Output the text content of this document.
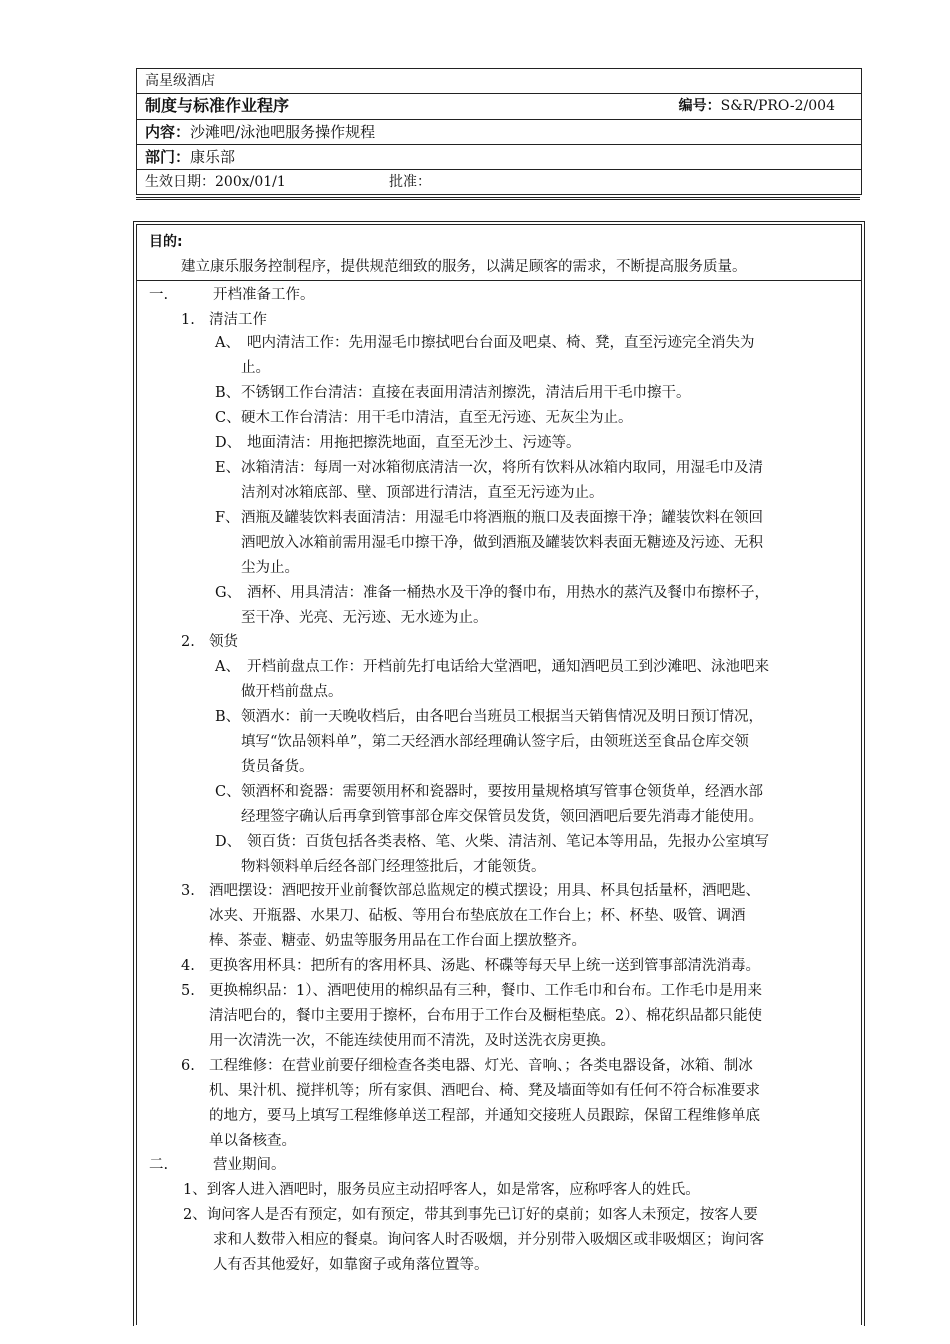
高星级酒店
制度与标准作业程序	编号：S&R/PRO-2/004
内容：沙滩吧/泳池吧服务操作规程
部门：康乐部
生效日期：200x/01/1	批准：
目的:
建立康乐服务控制程序，提供规范细致的服务，以满足顾客的需求，不断提高服务质量。
一.	开档准备工作。
1. 清洁工作
A、 吧内清洁工作：先用湿毛巾擦拭吧台台面及吧桌、椅、凳，直至污迹完全消失为
止。
B、 不锈钢工作台清洁：直接在表面用清洁剂擦洗，清洁后用干毛巾擦干。
C、 硬木工作台清洁：用干毛巾清洁，直至无污迹、无灰尘为止。
D、 地面清洁：用拖把擦洗地面，直至无沙土、污迹等。
E、 冰箱清洁：每周一对冰箱彻底清洁一次，将所有饮料从冰箱内取同，用湿毛巾及清
洁剂对冰箱底部、壁、顶部进行清洁，直至无污迹为止。
F、 酒瓶及罐装饮料表面清洁：用湿毛巾将酒瓶的瓶口及表面擦干净；罐装饮料在领回
酒吧放入冰箱前需用湿毛巾擦干净，做到酒瓶及罐装饮料表面无糖迹及污迹、无积
尘为止。
G、 酒杯、用具清洁：准备一桶热水及干净的餐巾布，用热水的蒸汽及餐巾布擦杯子，
至干净、光亮、无污迹、无水迹为止。
2. 领货
A、 开档前盘点工作：开档前先打电话给大堂酒吧，通知酒吧员工到沙滩吧、泳池吧来
做开档前盘点。
B、 领酒水：前一天晚收档后，由各吧台当班员工根据当天销售情况及明日预订情况，
填写“饮品领料单”，第二天经酒水部经理确认签字后，由领班送至食品仓库交领
货员备货。
C、 领酒杯和瓷器：需要领用杯和瓷器时，要按用量规格填写管事仓领货单，经酒水部
经理签字确认后再拿到管事部仓库交保管员发货，领回酒吧后要先消毒才能使用。
D、 领百货：百货包括各类表格、笔、火柴、清洁剂、笔记本等用品，先报办公室填写
物料领料单后经各部门经理签批后，才能领货。
3. 酒吧摆设：酒吧按开业前餐饮部总监规定的模式摆设；用具、杯具包括量杯，酒吧匙、
冰夹、开瓶器、水果刀、砧板、等用台布垫底放在工作台上；杯、杯垫、吸管、调酒
棒、茶壶、糖壶、奶盅等服务用品在工作台面上摆放整齐。
4. 更换客用杯具：把所有的客用杯具、汤匙、杯碟等每天早上统一送到管事部清洗消毒。
5. 更换棉织品：1）、酒吧使用的棉织品有三种，餐巾、工作毛巾和台布。工作毛巾是用来
清洁吧台的，餐巾主要用于擦杯，台布用于工作台及橱柜垫底。2）、棉花织品都只能使
用一次清洗一次，不能连续使用而不清洗，及时送洗衣房更换。
6. 工程维修：在营业前要仔细检查各类电器、灯光、音响、；各类电器设备，冰箱、制冰
机、果汁机、搅拌机等；所有家俱、酒吧台、椅、凳及墙面等如有任何不符合标准要求
的地方，要马上填写工程维修单送工程部，并通知交接班人员跟踪，保留工程维修单底
单以备核查。
二.	营业期间。
1、到客人进入酒吧时，服务员应主动招呼客人，如是常客，应称呼客人的姓氏。
2、询问客人是否有预定，如有预定，带其到事先已订好的桌前；如客人未预定，按客人要
求和人数带入相应的餐桌。询问客人时否吸烟，并分别带入吸烟区或非吸烟区；询问客
人有否其他爱好，如靠窗子或角落位置等。
